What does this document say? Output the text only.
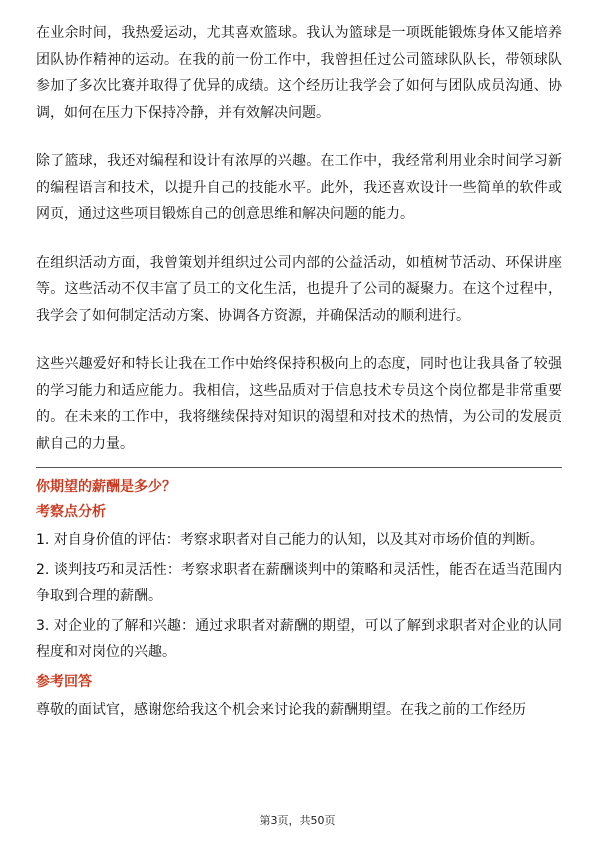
在业余时间，我热爱运动，尤其喜欢篮球。我认为篮球是一项既能锻炼身体又能培养团队协作精神的运动。在我的前一份工作中，我曾担任过公司篮球队队长，带领球队参加了多次比赛并取得了优异的成绩。这个经历让我学会了如何与团队成员沟通、协调，如何在压力下保持冷静，并有效解决问题。

除了篮球，我还对编程和设计有浓厚的兴趣。在工作中，我经常利用业余时间学习新的编程语言和技术，以提升自己的技能水平。此外，我还喜欢设计一些简单的软件或网页，通过这些项目锻炼自己的创意思维和解决问题的能力。

在组织活动方面，我曾策划并组织过公司内部的公益活动，如植树节活动、环保讲座等。这些活动不仅丰富了员工的文化生活，也提升了公司的凝聚力。在这个过程中，我学会了如何制定活动方案、协调各方资源，并确保活动的顺利进行。

这些兴趣爱好和特长让我在工作中始终保持积极向上的态度，同时也让我具备了较强的学习能力和适应能力。我相信，这些品质对于信息技术专员这个岗位都是非常重要的。在未来的工作中，我将继续保持对知识的渴望和对技术的热情，为公司的发展贡献自己的力量。

你期望的薪酬是多少？
考察点分析
1. 对自身价值的评估：考察求职者对自己能力的认知，以及其对市场价值的判断。
2. 谈判技巧和灵活性：考察求职者在薪酬谈判中的策略和灵活性，能否在适当范围内争取到合理的薪酬。
3. 对企业的了解和兴趣：通过求职者对薪酬的期望，可以了解到求职者对企业的认同程度和对岗位的兴趣。
参考回答
尊敬的面试官，感谢您给我这个机会来讨论我的薪酬期望。在我之前的工作经历
第3页，共50页
